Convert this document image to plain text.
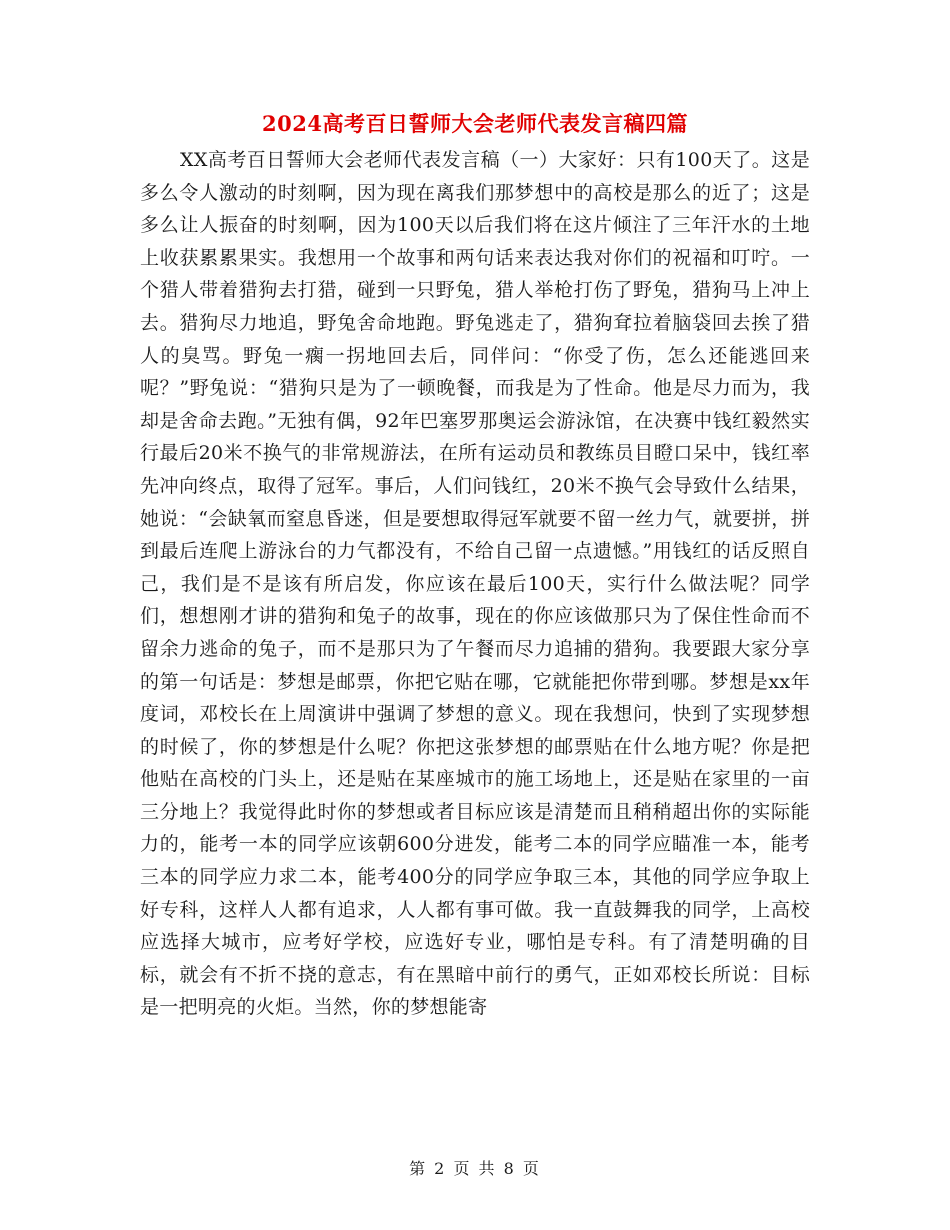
2024高考百日誓师大会老师代表发言稿四篇

XX高考百日誓师大会老师代表发言稿（一）大家好：只有100天了。这是多么令人激动的时刻啊，因为现在离我们那梦想中的高校是那么的近了；这是多么让人振奋的时刻啊，因为100天以后我们将在这片倾注了三年汗水的土地上收获累累果实。我想用一个故事和两句话来表达我对你们的祝福和叮咛。一个猎人带着猎狗去打猎，碰到一只野兔，猎人举枪打伤了野兔，猎狗马上冲上去。猎狗尽力地追，野兔舍命地跑。野兔逃走了，猎狗耷拉着脑袋回去挨了猎人的臭骂。野兔一瘸一拐地回去后，同伴问：“你受了伤，怎么还能逃回来呢？”野兔说：“猎狗只是为了一顿晚餐，而我是为了性命。他是尽力而为，我却是舍命去跑。”无独有偶，92年巴塞罗那奥运会游泳馆，在决赛中钱红毅然实行最后20米不换气的非常规游法，在所有运动员和教练员目瞪口呆中，钱红率先冲向终点，取得了冠军。事后，人们问钱红，20米不换气会导致什么结果，她说：“会缺氧而窒息昏迷，但是要想取得冠军就要不留一丝力气，就要拼，拼到最后连爬上游泳台的力气都没有，不给自己留一点遗憾。”用钱红的话反照自己，我们是不是该有所启发，你应该在最后100天，实行什么做法呢？同学们，想想刚才讲的猎狗和兔子的故事，现在的你应该做那只为了保住性命而不留余力逃命的兔子，而不是那只为了午餐而尽力追捕的猎狗。我要跟大家分享的第一句话是：梦想是邮票，你把它贴在哪，它就能把你带到哪。梦想是xx年度词，邓校长在上周演讲中强调了梦想的意义。现在我想问，快到了实现梦想的时候了，你的梦想是什么呢？你把这张梦想的邮票贴在什么地方呢？你是把他贴在高校的门头上，还是贴在某座城市的施工场地上，还是贴在家里的一亩三分地上？我觉得此时你的梦想或者目标应该是清楚而且稍稍超出你的实际能力的，能考一本的同学应该朝600分进发，能考二本的同学应瞄准一本，能考三本的同学应力求二本，能考400分的同学应争取三本，其他的同学应争取上好专科，这样人人都有追求，人人都有事可做。我一直鼓舞我的同学，上高校应选择大城市，应考好学校，应选好专业，哪怕是专科。有了清楚明确的目标，就会有不折不挠的意志，有在黑暗中前行的勇气，正如邓校长所说：目标是一把明亮的火炬。当然，你的梦想能寄

第 2 页 共 8 页
